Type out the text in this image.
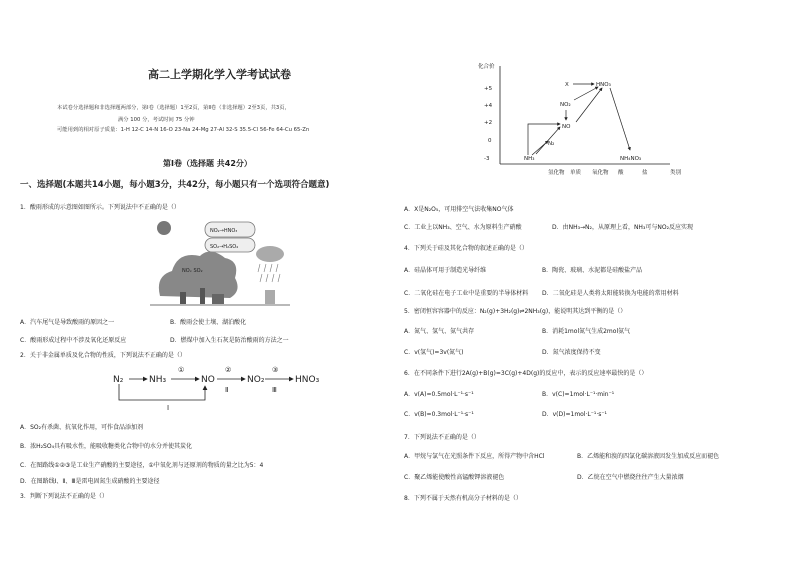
高二上学期化学入学考试试卷
本试卷分选择题和非选择题两部分，第Ⅰ卷（选择题）1至2页，第Ⅱ卷（非选择题）2至3页，共3页，
满分 100 分，考试时间 75 分钟
可能用到的相对原子质量：1-H 12-C 14-N 16-O 23-Na 24-Mg 27-Al 32-S 35.5-Cl 56-Fe 64-Cu 65-Zn
第Ⅰ卷（选择题 共42分）
一、选择题(本题共14小题，每小题3分，共42分，每小题只有一个选项符合题意)
1．酸雨形成的示意图如图所示。下列说法中不正确的是（）
NO₂→HNO₃
SO₂→H₂SO₄
NOₓ SO₂
A．汽车尾气是导致酸雨的原因之一	B．酸雨会使土壤、湖泊酸化
C．酸雨形成过程中不涉及氧化还原反应	D．燃煤中加入生石灰是防治酸雨的方法之一
2．关于非金属单质及化合物的性质，下列说法不正确的是（）
N₂	NH₃	NO	NO₂	HNO₃
①	②	③
Ⅱ	Ⅲ
Ⅰ
A．SO₂有杀菌、抗氧化作用，可作食品添加剂
B．浓H₂SO₄具有吸水性，能吸收糖类化合物中的水分并使其炭化
C．在图路线①②③是工业生产硝酸的主要途径，①中氧化剂与还原剂的物质的量之比为5：4
D．在图路线Ⅰ、Ⅱ、Ⅲ是雷电固氮生成硝酸的主要途径
3．判断下列说法不正确的是（）
化合价
+5
+4
+2
0
-3
X	HNO₃
NO₂
NO
N₂
NH₃	NH₄NO₃
氢化物 单质 氧化物 酸	盐	类别
A．X是N₂O₅，可用排空气法收集NO气体
C．工业上以NH₃、空气、水为原料生产硝酸	D．由NH₃→N₂，从原理上看，NH₃可与NO₂反应实现
4．下列关于硅及其化合物的叙述正确的是（）
A．硅晶体可用于制造光导纤维	B．陶瓷、玻璃、水泥都是硅酸盐产品
C．二氧化硅在电子工业中是重要的半导体材料 D．二氧化硅是人类将太阳能转换为电能的常用材料
5．密闭恒容容器中的反应：N₂(g)+3H₂(g)⇌2NH₃(g)，能说明其达到平衡的是（）
A．氮气、氢气、氨气共存	B．消耗1mol氮气生成2mol氨气
C．v(氢气)=3v(氮气)	D．氮气浓度保持不变
6．在不同条件下进行2A(g)+B(g)=3C(g)+4D(g)的反应中，表示的反应速率最快的是（）
A．v(A)=0.5mol·L⁻¹·s⁻¹	B．v(C)=1mol·L⁻¹·min⁻¹
C．v(B)=0.3mol·L⁻¹·s⁻¹	D．v(D)=1mol·L⁻¹·s⁻¹
7．下列说法不正确的是（）
A．甲烷与氯气在光照条件下反应，所得产物中含HCl	B．乙烯能和溴的四氯化碳溶液因发生加成反应而褪色
C．聚乙烯能使酸性高锰酸钾溶液褪色	D．乙烷在空气中燃烧往往产生大量浓烟
8．下列不属于天然有机高分子材料的是（）
